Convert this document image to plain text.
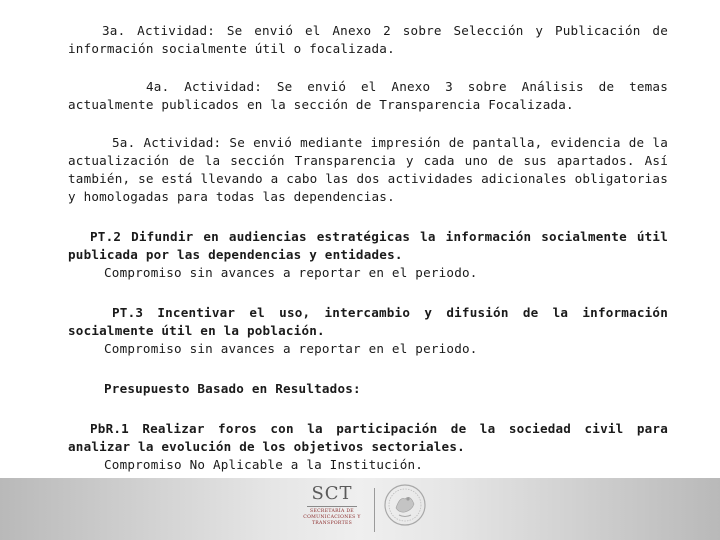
3a. Actividad: Se envió el Anexo 2 sobre Selección y Publicación de información socialmente útil o focalizada.

4a. Actividad: Se envió el Anexo 3 sobre Análisis de temas actualmente publicados en la sección de Transparencia Focalizada.

5a. Actividad: Se envió mediante impresión de pantalla, evidencia de la actualización de la sección Transparencia y cada uno de sus apartados. Así también, se está llevando a cabo las dos actividades adicionales obligatorias y homologadas para todas las dependencias.

PT.2 Difundir en audiencias estratégicas la información socialmente útil publicada por las dependencias y entidades.

Compromiso sin avances a reportar en el periodo.

PT.3 Incentivar el uso, intercambio y difusión de la información socialmente útil en la población.

Compromiso sin avances a reportar en el periodo.

Presupuesto Basado en Resultados:

PbR.1 Realizar foros con la participación de la sociedad civil para analizar la evolución de los objetivos sectoriales.

Compromiso No Aplicable a la Institución.

SCT
SECRETARÍA DE COMUNICACIONES Y TRANSPORTES
